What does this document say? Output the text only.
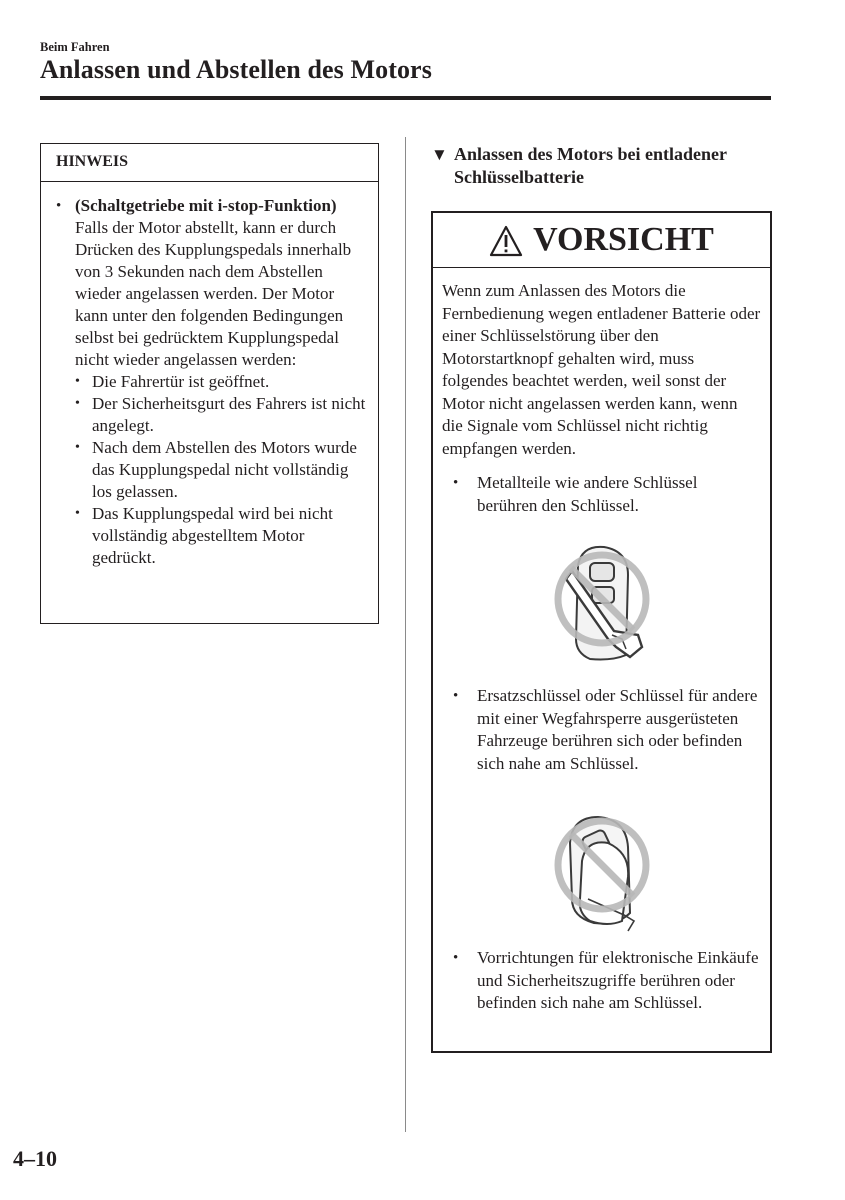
Beim Fahren
Anlassen und Abstellen des Motors
HINWEIS
• (Schaltgetriebe mit i-stop-Funktion)
Falls der Motor abstellt, kann er durch Drücken des Kupplungspedals innerhalb von 3 Sekunden nach dem Abstellen wieder angelassen werden. Der Motor kann unter den folgenden Bedingungen selbst bei gedrücktem Kupplungspedal nicht wieder angelassen werden:
• Die Fahrertür ist geöffnet.
• Der Sicherheitsgurt des Fahrers ist nicht angelegt.
• Nach dem Abstellen des Motors wurde das Kupplungspedal nicht vollständig los gelassen.
• Das Kupplungspedal wird bei nicht vollständig abgestelltem Motor gedrückt.
▼ Anlassen des Motors bei entladener Schlüsselbatterie
VORSICHT
Wenn zum Anlassen des Motors die Fernbedienung wegen entladener Batterie oder einer Schlüsselstörung über den Motorstartknopf gehalten wird, muss folgendes beachtet werden, weil sonst der Motor nicht angelassen werden kann, wenn die Signale vom Schlüssel nicht richtig empfangen werden.
•	Metallteile wie andere Schlüssel berühren den Schlüssel.
•	Ersatzschlüssel oder Schlüssel für andere mit einer Wegfahrsperre ausgerüsteten Fahrzeuge berühren sich oder befinden sich nahe am Schlüssel.
•	Vorrichtungen für elektronische Einkäufe und Sicherheitszugriffe berühren oder befinden sich nahe am Schlüssel.
4–10
